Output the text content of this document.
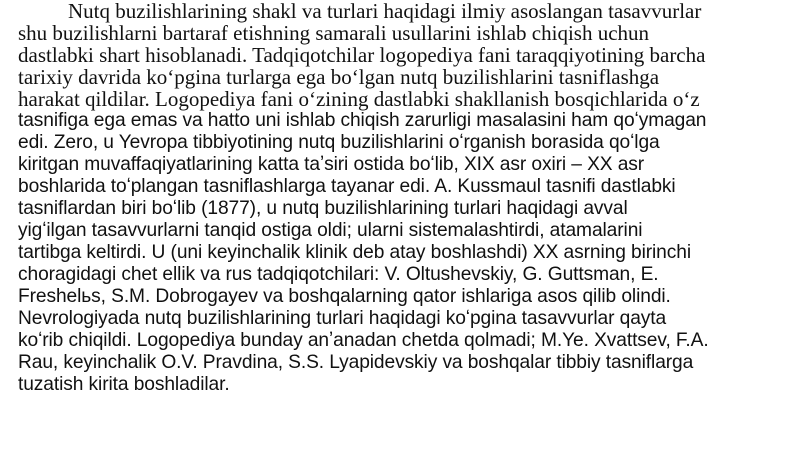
Nutq buzilishlarining shakl va turlari haqidagi ilmiy asoslangan tasavvurlar
shu buzilishlarni bartaraf etishning samarali usullarini ishlab chiqish uchun
dastlabki shart hisoblanadi. Tadqiqotchilar logopediya fani taraqqiyotining barcha
tarixiy davrida koʻpgina turlarga ega boʻlgan nutq buzilishlarini tasniflashga
harakat qildilar. Logopediya fani oʻzining dastlabki shakllanish bosqichlarida oʻz
tasnifiga ega emas va hatto uni ishlab chiqish zarurligi masalasini ham qoʻymagan
edi. Zero, u Yevropa tibbiyotining nutq buzilishlarini oʻrganish borasida qoʻlga
kiritgan muvaffaqiyatlarining katta taʼsiri ostida boʻlib, XIX asr oxiri – XX asr
boshlarida toʻplangan tasniflashlarga tayanar edi. A. Kussmaul tasnifi dastlabki
tasniflardan biri boʻlib (1877), u nutq buzilishlarining turlari haqidagi avval
yigʻilgan tasavvurlarni tanqid ostiga oldi; ularni sistemalashtirdi, atamalarini
tartibga keltirdi. U (uni keyinchalik klinik deb atay boshlashdi) XX asrning birinchi
choragidagi chet ellik va rus tadqiqotchilari: V. Oltushevskiy, G. Guttsman, E.
Freshelьs, S.M. Dobrogayev va boshqalarning qator ishlariga asos qilib olindi.
Nevrologiyada nutq buzilishlarining turlari haqidagi koʻpgina tasavvurlar qayta
koʻrib chiqildi. Logopediya bunday anʼanadan chetda qolmadi; M.Ye. Xvattsev, F.A.
Rau, keyinchalik O.V. Pravdina, S.S. Lyapidevskiy va boshqalar tibbiy tasniflarga
tuzatish kirita boshladilar.
